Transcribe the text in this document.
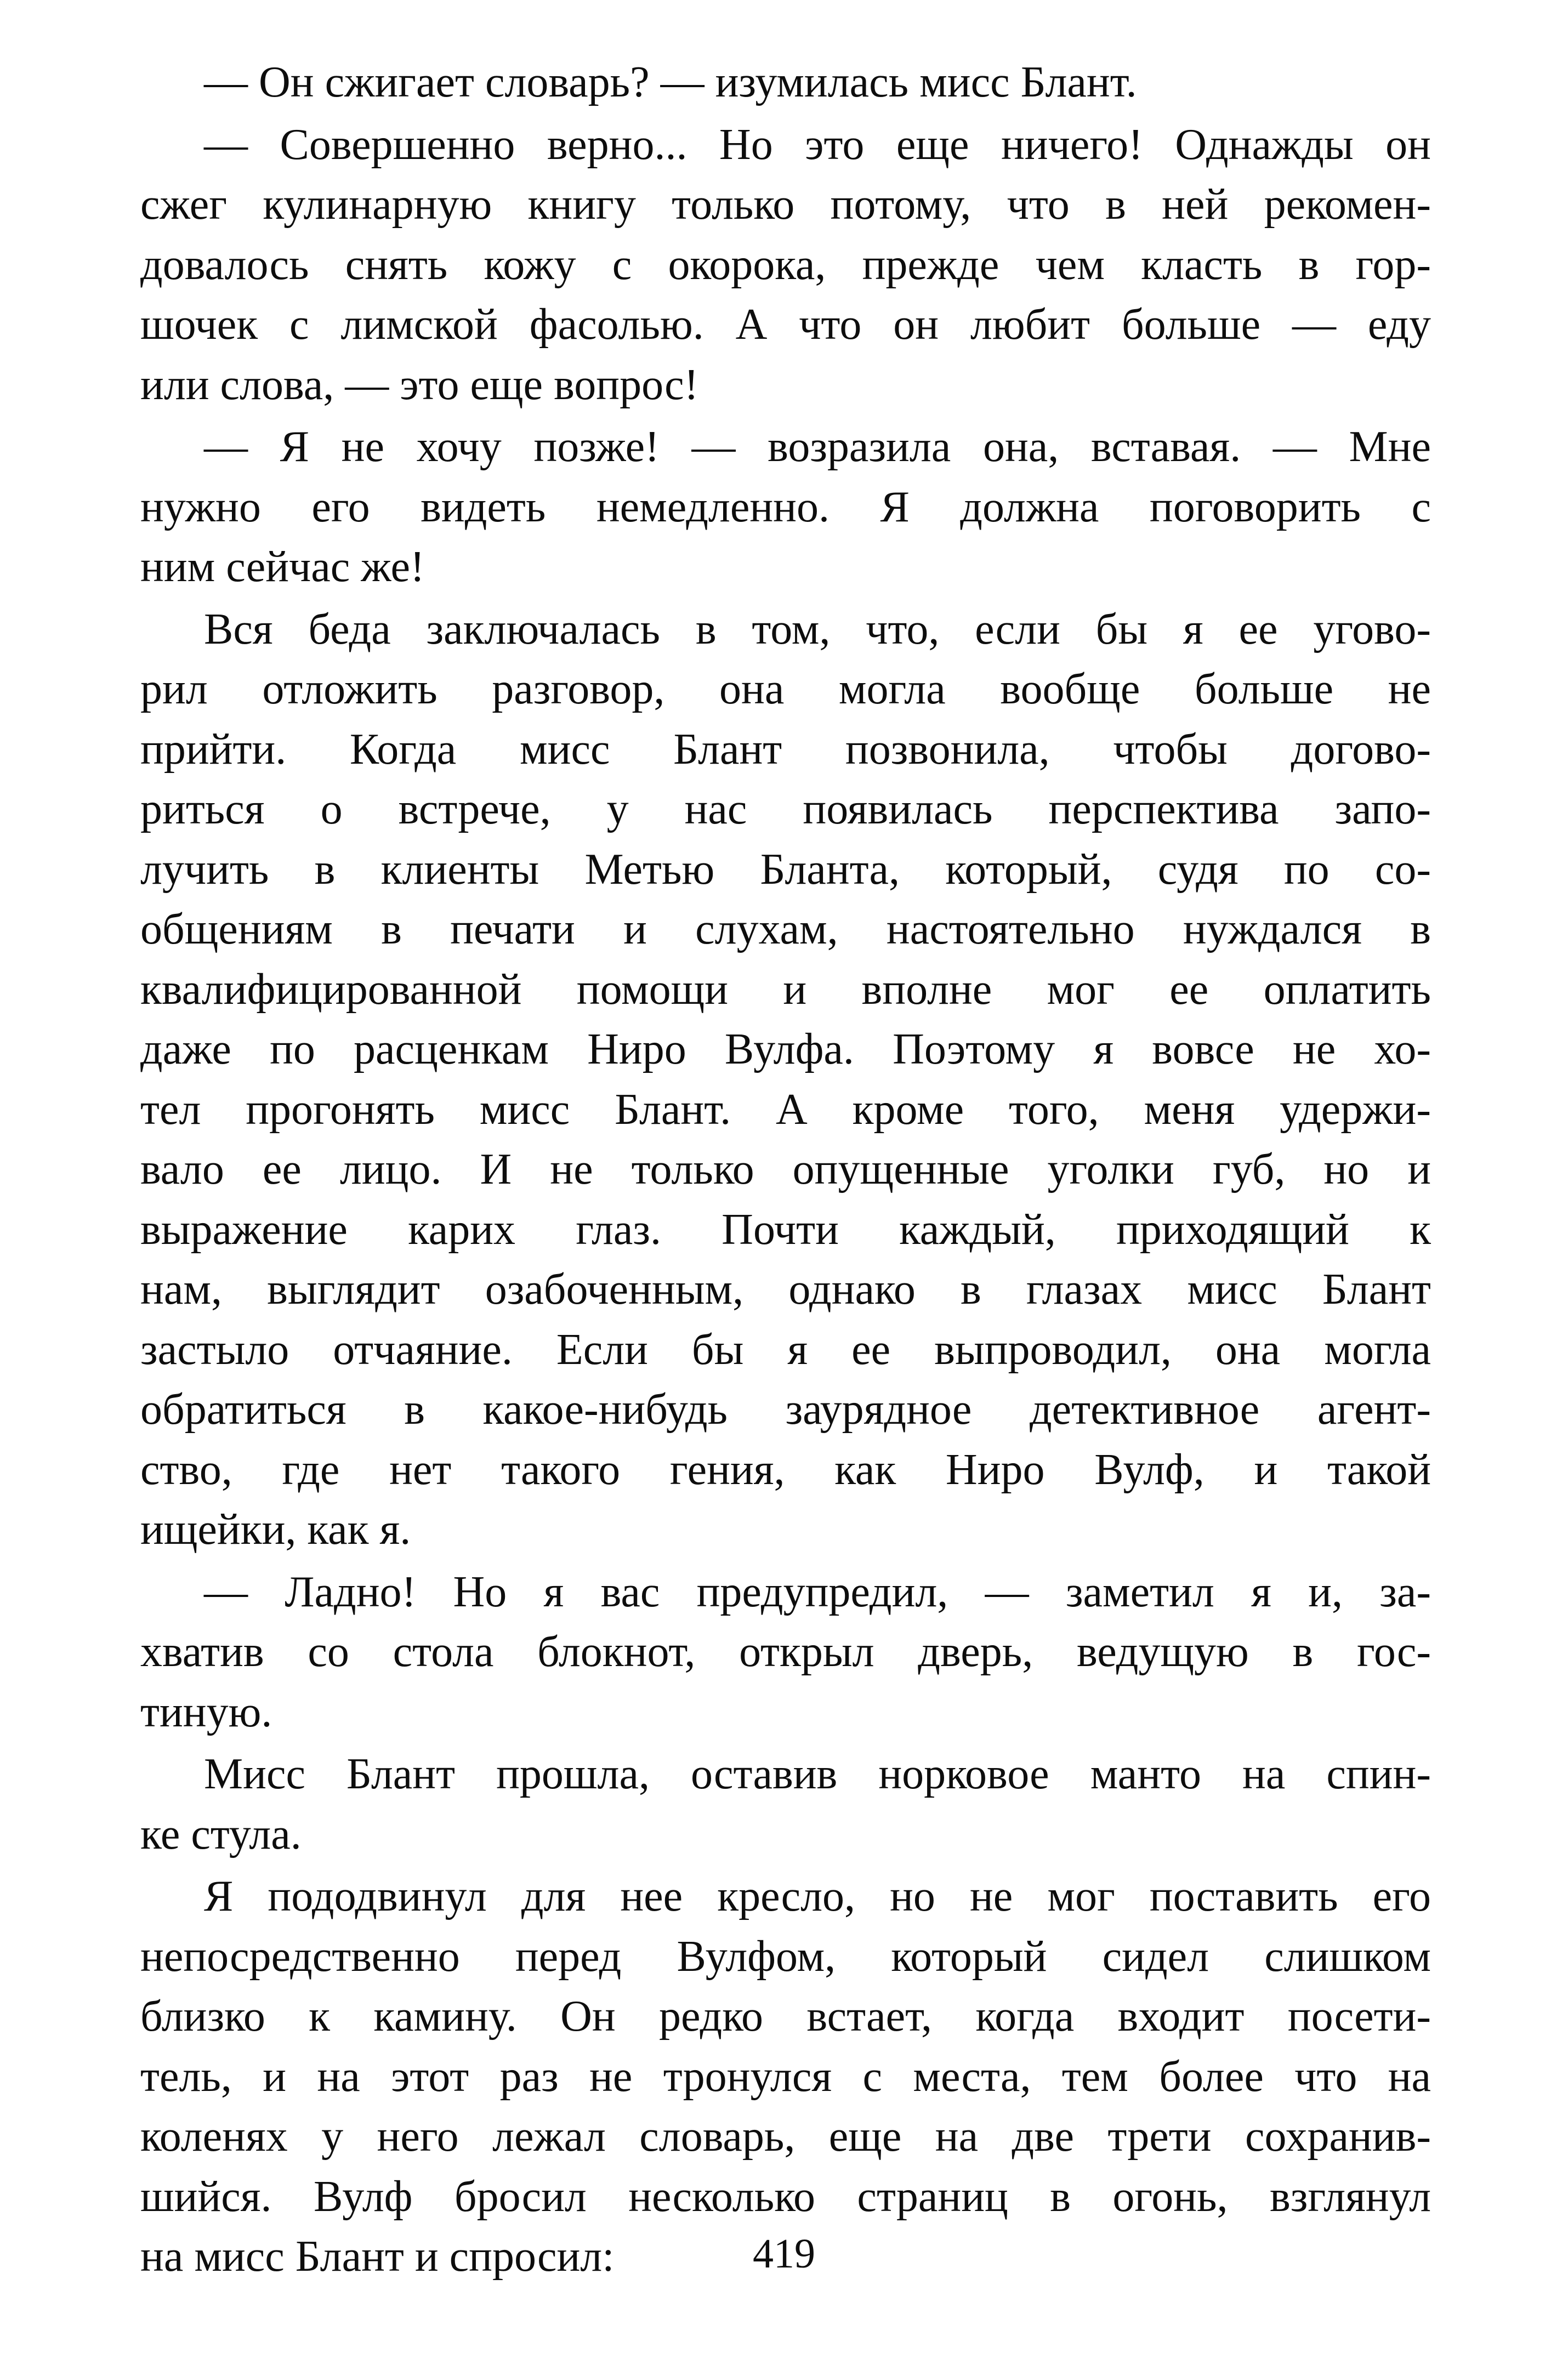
— Он сжигает словарь? — изумилась мисс Блант.
— Совершенно верно... Но это еще ничего! Однажды он
сжег кулинарную книгу только потому, что в ней рекомен-
довалось снять кожу с окорока, прежде чем класть в гор-
шочек с лимской фасолью. А что он любит больше — еду
или слова, — это еще вопрос!
— Я не хочу позже! — возразила она, вставая. — Мне
нужно его видеть немедленно. Я должна поговорить с
ним сейчас же!
Вся беда заключалась в том, что, если бы я ее угово-
рил отложить разговор, она могла вообще больше не
прийти. Когда мисс Блант позвонила, чтобы догово-
риться о встрече, у нас появилась перспектива запо-
лучить в клиенты Метью Бланта, который, судя по со-
общениям в печати и слухам, настоятельно нуждался в
квалифицированной помощи и вполне мог ее оплатить
даже по расценкам Ниро Вулфа. Поэтому я вовсе не хо-
тел прогонять мисс Блант. А кроме того, меня удержи-
вало ее лицо. И не только опущенные уголки губ, но и
выражение карих глаз. Почти каждый, приходящий к
нам, выглядит озабоченным, однако в глазах мисс Блант
застыло отчаяние. Если бы я ее выпроводил, она могла
обратиться в какое-нибудь заурядное детективное агент-
ство, где нет такого гения, как Ниро Вулф, и такой
ищейки, как я.
— Ладно! Но я вас предупредил, — заметил я и, за-
хватив со стола блокнот, открыл дверь, ведущую в гос-
тиную.
Мисс Блант прошла, оставив норковое манто на спин-
ке стула.
Я пододвинул для нее кресло, но не мог поставить его
непосредственно перед Вулфом, который сидел слишком
близко к камину. Он редко встает, когда входит посети-
тель, и на этот раз не тронулся с места, тем более что на
коленях у него лежал словарь, еще на две трети сохранив-
шийся. Вулф бросил несколько страниц в огонь, взглянул
на мисс Блант и спросил:	419
